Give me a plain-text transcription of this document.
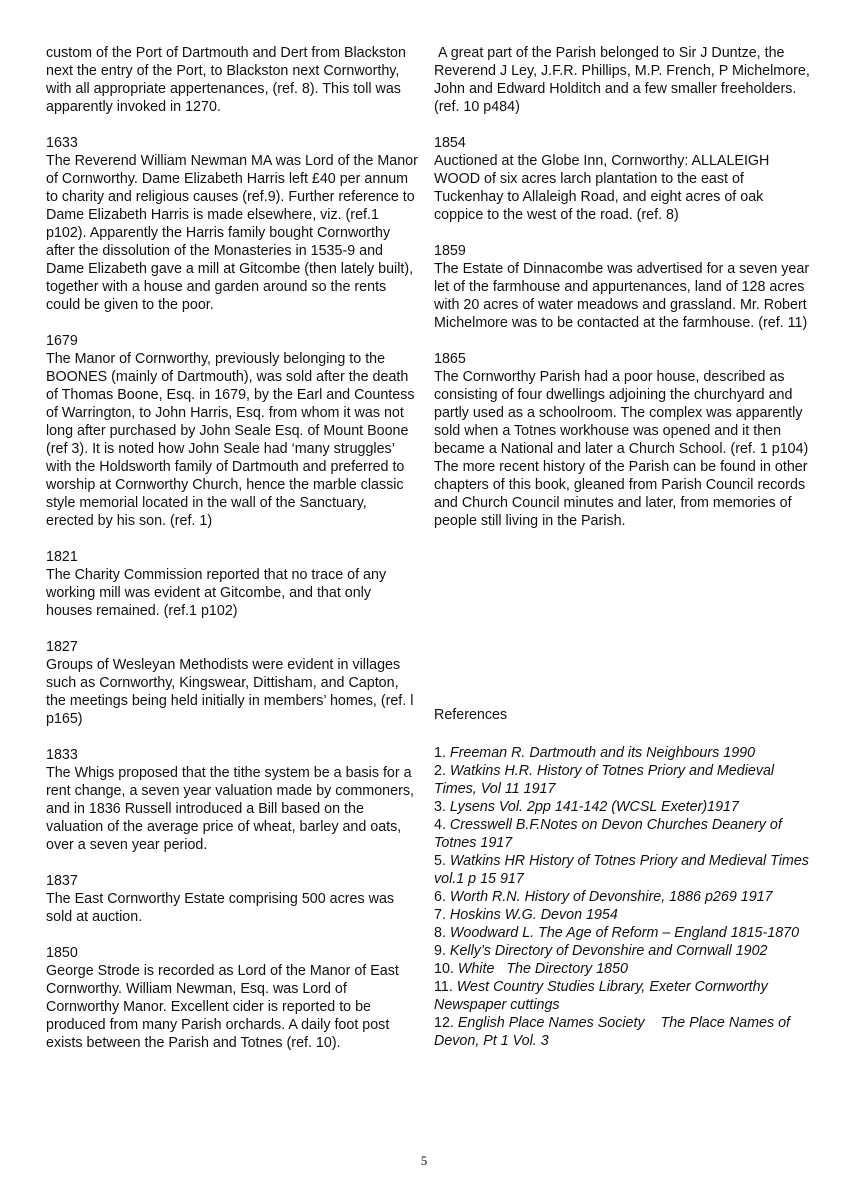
custom of the Port of Dartmouth and Dert from Blackston next the entry of the Port, to Blackston next Cornworthy, with all appropriate appertenances, (ref. 8). This toll was apparently invoked in 1270.

1633

The Reverend William Newman MA was Lord of the Manor of Cornworthy. Dame Elizabeth Harris left £40 per annum to charity and religious causes (ref.9). Further reference to Dame Elizabeth Harris is made elsewhere, viz. (ref.1 p102). Apparently the Harris family bought Cornworthy after the dissolution of the Monasteries in 1535-9 and Dame Elizabeth gave a mill at Gitcombe (then lately built), together with a house and garden around so the rents could be given to the poor.

1679

The Manor of Cornworthy, previously belonging to the BOONES (mainly of Dartmouth), was sold after the death of Thomas Boone, Esq. in 1679, by the Earl and Countess of Warrington, to John Harris, Esq. from whom it was not long after purchased by John Seale Esq. of Mount Boone (ref 3). It is noted how John Seale had ‘many struggles’ with the Holdsworth family of Dartmouth and preferred to worship at Cornworthy Church, hence the marble classic style memorial located in the wall of the Sanctuary, erected by his son. (ref. 1)

1821

The Charity Commission reported that no trace of any working mill was evident at Gitcombe, and that only houses remained. (ref.1 p102)

1827

Groups of Wesleyan Methodists were evident in villages such as Cornworthy, Kingswear, Dittisham, and Capton, the meetings being held initially in members’ homes, (ref. l p165)

1833

The Whigs proposed that the tithe system be a basis for a rent change, a seven year valuation made by commoners, and in 1836 Russell introduced a Bill based on the valuation of the average price of wheat, barley and oats, over a seven year period.

1837

The East Cornworthy Estate comprising 500 acres was sold at auction.

1850

George Strode is recorded as Lord of the Manor of East Cornworthy. William Newman, Esq. was Lord of Cornworthy Manor. Excellent cider is reported to be produced from many Parish orchards. A daily foot post exists between the Parish and Totnes (ref. 10).

A great part of the Parish belonged to Sir J Duntze, the Reverend J Ley, J.F.R. Phillips, M.P. French, P Michelmore, John and Edward Holditch and a few smaller freeholders. (ref. 10 p484)

1854

Auctioned at the Globe Inn, Cornworthy: ALLALEIGH WOOD of six acres larch plantation to the east of Tuckenhay to Allaleigh Road, and eight acres of oak coppice to the west of the road. (ref. 8)

1859

The Estate of Dinnacombe was advertised for a seven year let of the farmhouse and appurtenances, land of 128 acres with 20 acres of water meadows and grassland. Mr. Robert Michelmore was to be contacted at the farmhouse. (ref. 11)

1865

The Cornworthy Parish had a poor house, described as consisting of four dwellings adjoining the churchyard and partly used as a schoolroom. The complex was apparently sold when a Totnes workhouse was opened and it then became a National and later a Church School. (ref. 1 p104)

The more recent history of the Parish can be found in other chapters of this book, gleaned from Parish Council records and Church Council minutes and later, from memories of people still living in the Parish.

References

1. Freeman R. Dartmouth and its Neighbours 1990
2. Watkins H.R. History of Totnes Priory and Medieval Times, Vol 11 1917
3. Lysens Vol. 2pp 141-142 (WCSL Exeter)1917
4. Cresswell B.F.Notes on Devon Churches Deanery of Totnes 1917
5. Watkins HR History of Totnes Priory and Medieval Times vol.1 p 15 917
6. Worth R.N. History of Devonshire, 1886 p269 1917
7. Hoskins W.G. Devon 1954
8. Woodward L. The Age of Reform – England 1815-1870
9. Kelly’s Directory of Devonshire and Cornwall 1902
10. White   The Directory 1850
11. West Country Studies Library, Exeter Cornworthy Newspaper cuttings
12. English Place Names Society    The Place Names of Devon, Pt 1 Vol. 3
5
